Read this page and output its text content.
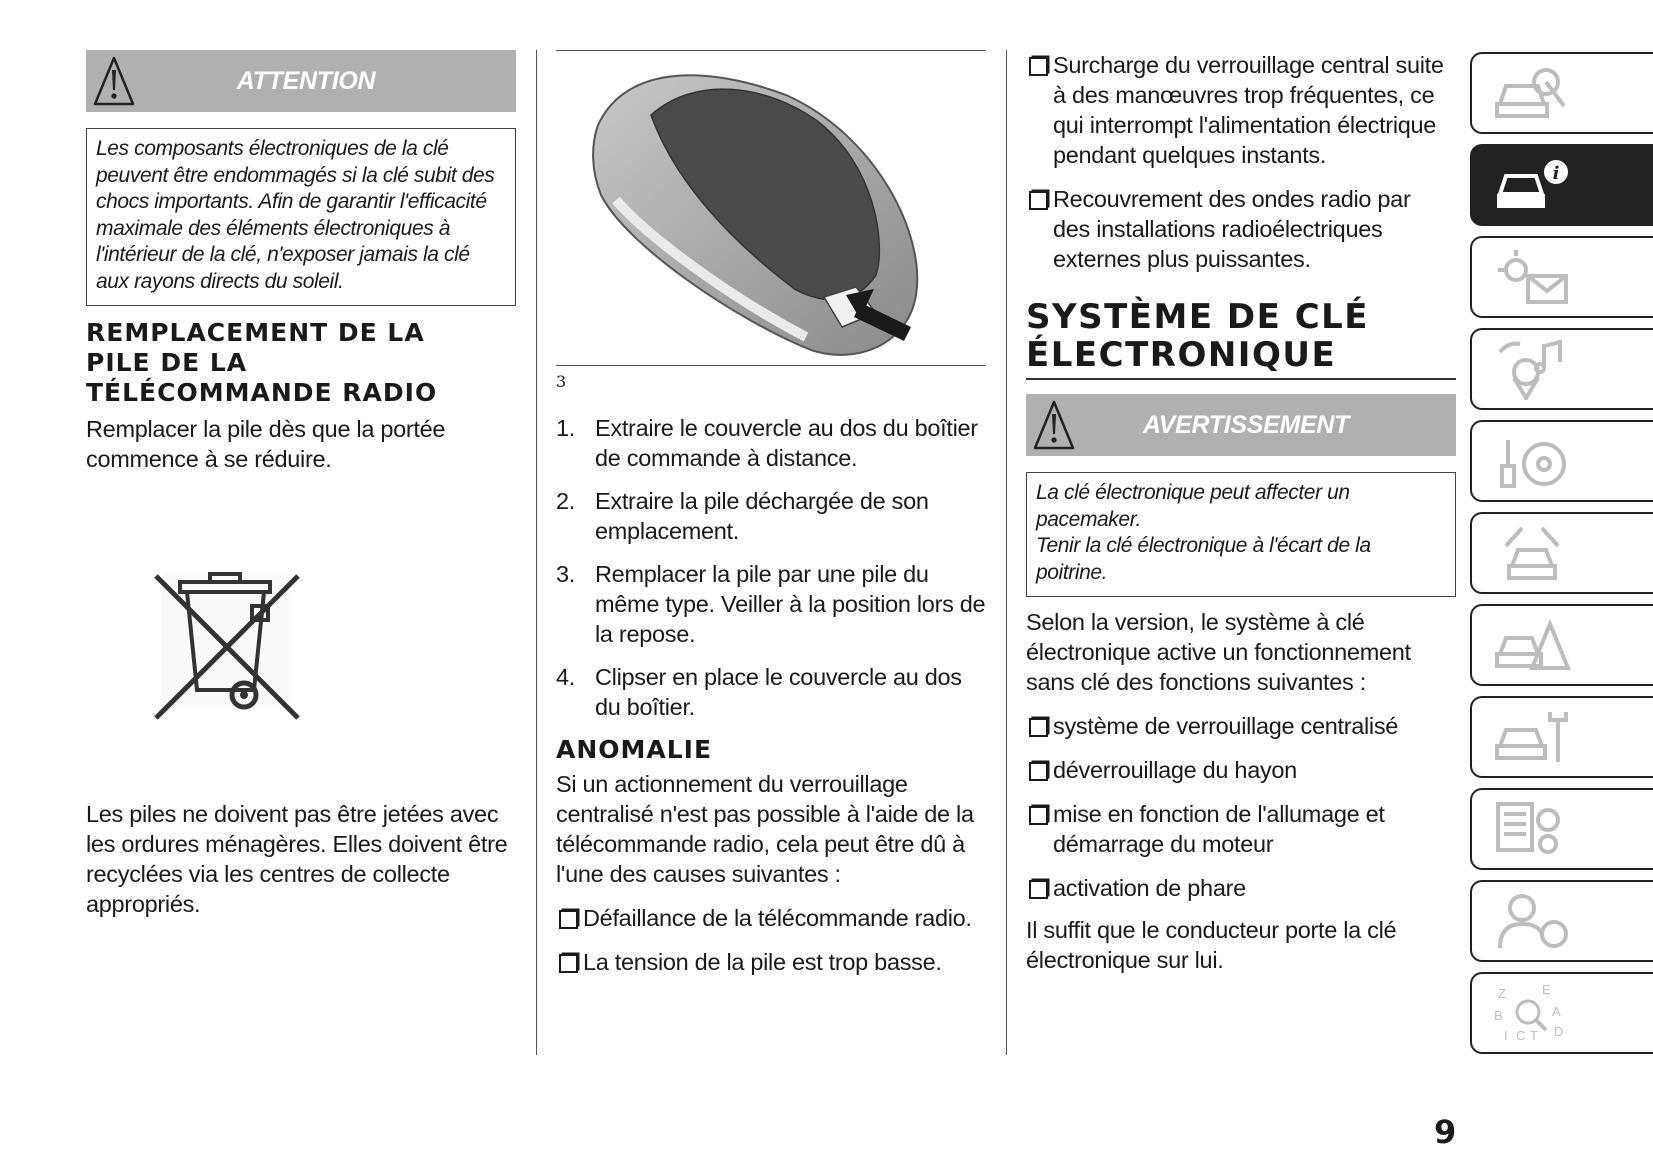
ATTENTION
Les composants électroniques de la clé peuvent être endommagés si la clé subit des chocs importants. Afin de garantir l'efficacité maximale des éléments électroniques à l'intérieur de la clé, n'exposer jamais la clé aux rayons directs du soleil.
REMPLACEMENT DE LA PILE DE LA TÉLÉCOMMANDE RADIO

Remplacer la pile dès que la portée commence à se réduire.

Les piles ne doivent pas être jetées avec les ordures ménagères. Elles doivent être recyclées via les centres de collecte appropriés.

3
1. Extraire le couvercle au dos du boîtier de commande à distance.
2. Extraire la pile déchargée de son emplacement.
3. Remplacer la pile par une pile du même type. Veiller à la position lors de la repose.
4. Clipser en place le couvercle au dos du boîtier.
ANOMALIE

Si un actionnement du verrouillage centralisé n'est pas possible à l'aide de la télécommande radio, cela peut être dû à l'une des causes suivantes :

Défaillance de la télécommande radio.
La tension de la pile est trop basse.
Surcharge du verrouillage central suite à des manœuvres trop fréquentes, ce qui interrompt l'alimentation électrique pendant quelques instants.
Recouvrement des ondes radio par des installations radioélectriques externes plus puissantes.
SYSTÈME DE CLÉ ÉLECTRONIQUE
AVERTISSEMENT
La clé électronique peut affecter un pacemaker.
Tenir la clé électronique à l'écart de la poitrine.

Selon la version, le système à clé électronique active un fonctionnement sans clé des fonctions suivantes :

système de verrouillage centralisé
déverrouillage du hayon
mise en fonction de l'allumage et démarrage du moteur
activation de phare

Il suffit que le conducteur porte la clé électronique sur lui.

i
Z	E
B	A
I C T D
9
